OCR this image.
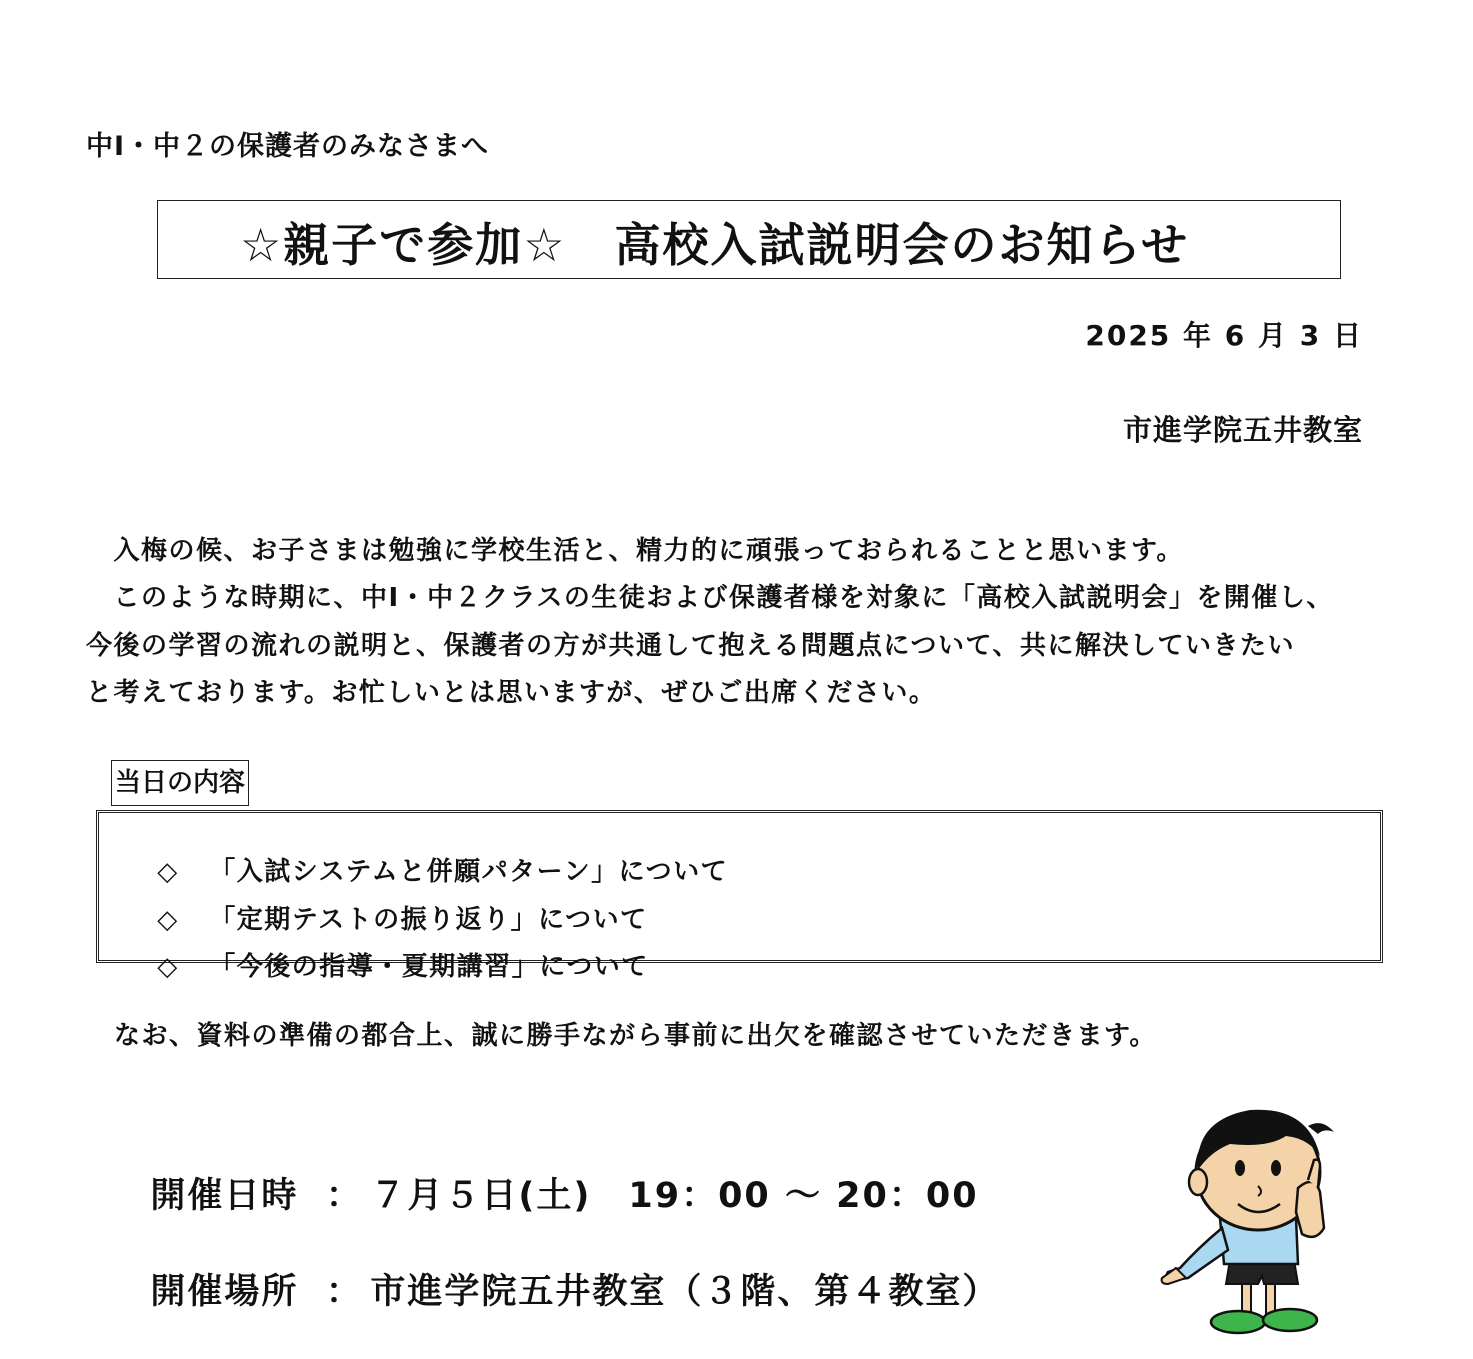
中Ⅰ・中２の保護者のみなさまへ
☆親子で参加☆　高校入試説明会のお知らせ
2025 年 6 月 3 日
市進学院五井教室
　入梅の候、お子さまは勉強に学校生活と、精力的に頑張っておられることと思います。
　このような時期に、中Ⅰ・中２クラスの生徒および保護者様を対象に「高校入試説明会」を開催し、
今後の学習の流れの説明と、保護者の方が共通して抱える問題点について、共に解決していきたい
と考えております。お忙しいとは思いますが、ぜひご出席ください。
当日の内容

◇ 「入試システムと併願パターン」について

◇ 「定期テストの振り返り」について

◇ 「今後の指導・夏期講習」について

なお、資料の準備の都合上、誠に勝手ながら事前に出欠を確認させていただきます。

開催日時 ： ７月５日(土)　19：00 ～ 20：00

開催場所 ： 市進学院五井教室（３階、第４教室）
